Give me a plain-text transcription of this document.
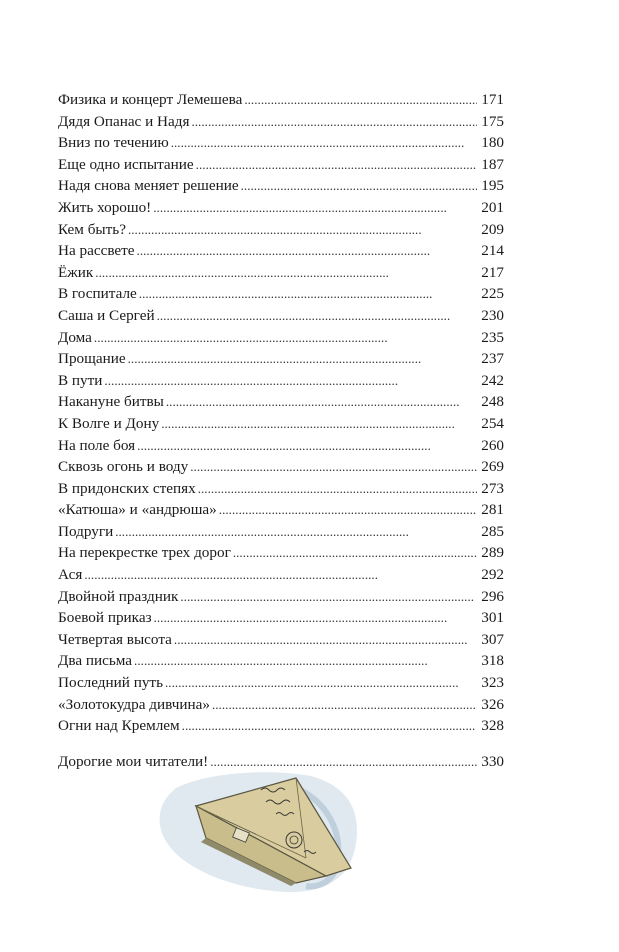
Физика и концерт Лемешева . . .	171
Дядя Опанас и Надя . . .	175
Вниз по течению . . .	180
Еще одно испытание . . .	187
Надя снова меняет решение . . .	195
Жить хорошо! . . .	201
Кем быть? . . .	209
На рассвете . . .	214
Ёжик . . .	217
В госпитале . . .	225
Саша и Сергей . . .	230
Дома . . .	235
Прощание . . .	237
В пути . . .	242
Накануне битвы . . .	248
К Волге и Дону . . .	254
На поле боя . . .	260
Сквозь огонь и воду . . .	269
В придонских степях . . .	273
«Катюша» и «андрюша» . . .	281
Подруги . . .	285
На перекрестке трех дорог . . .	289
Ася . . .	292
Двойной праздник . . .	296
Боевой приказ . . .	301
Четвертая высота . . .	307
Два письма . . .	318
Последний путь . . .	323
«Золотокудра дивчина» . . .	326
Огни над Кремлем . . .	328
Дорогие мои читатели! . . .	330
